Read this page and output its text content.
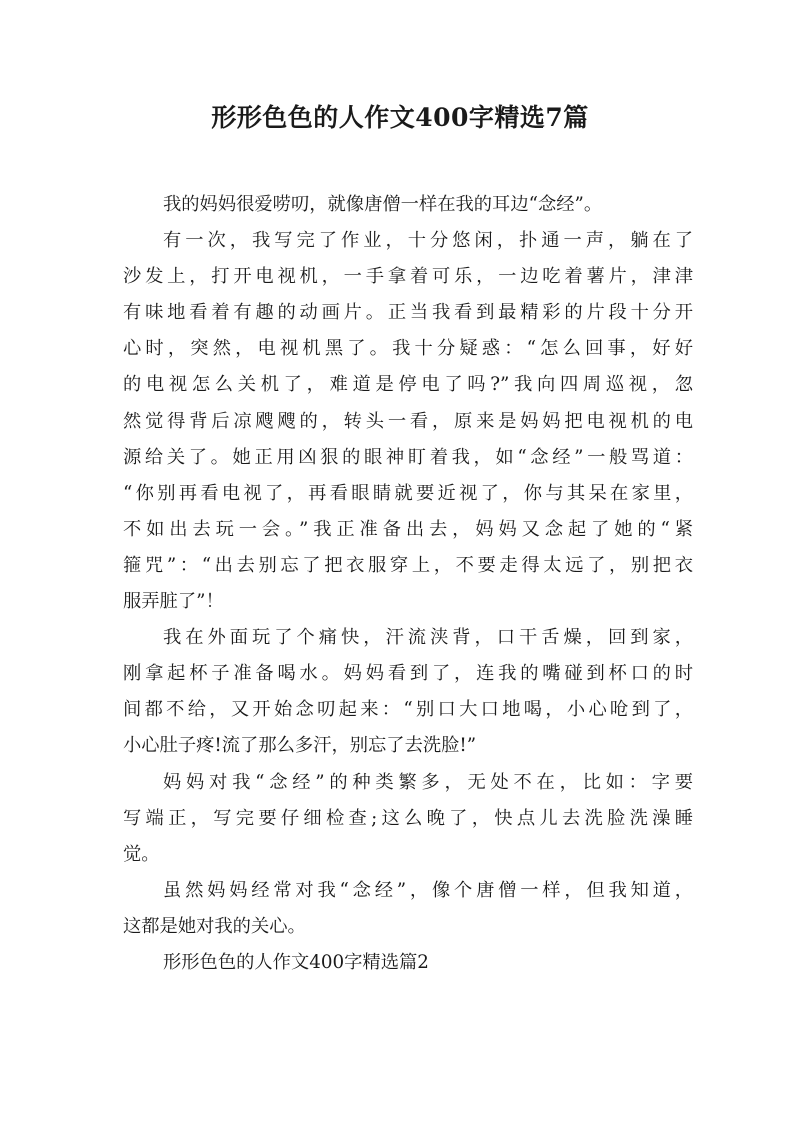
形形色色的人作文400字精选7篇
我的妈妈很爱唠叨，就像唐僧一样在我的耳边“念经”。
有一次，我写完了作业，十分悠闲，扑通一声，躺在了
沙发上，打开电视机，一手拿着可乐，一边吃着薯片，津津
有味地看着有趣的动画片。正当我看到最精彩的片段十分开
心时，突然，电视机黑了。我十分疑惑：“怎么回事，好好
的电视怎么关机了，难道是停电了吗?”我向四周巡视，忽
然觉得背后凉飕飕的，转头一看，原来是妈妈把电视机的电
源给关了。她正用凶狠的眼神盯着我，如“念经”一般骂道：
“你别再看电视了，再看眼睛就要近视了，你与其呆在家里，
不如出去玩一会。”我正准备出去，妈妈又念起了她的“紧
箍咒”：“出去别忘了把衣服穿上，不要走得太远了，别把衣
服弄脏了”！
我在外面玩了个痛快，汗流浃背，口干舌燥，回到家，
刚拿起杯子准备喝水。妈妈看到了，连我的嘴碰到杯口的时
间都不给，又开始念叨起来：“别口大口地喝，小心呛到了，
小心肚子疼!流了那么多汗，别忘了去洗脸!”
妈妈对我“念经”的种类繁多，无处不在，比如：字要
写端正，写完要仔细检查;这么晚了，快点儿去洗脸洗澡睡
觉。
虽然妈妈经常对我“念经”，像个唐僧一样，但我知道，
这都是她对我的关心。
形形色色的人作文400字精选篇2
